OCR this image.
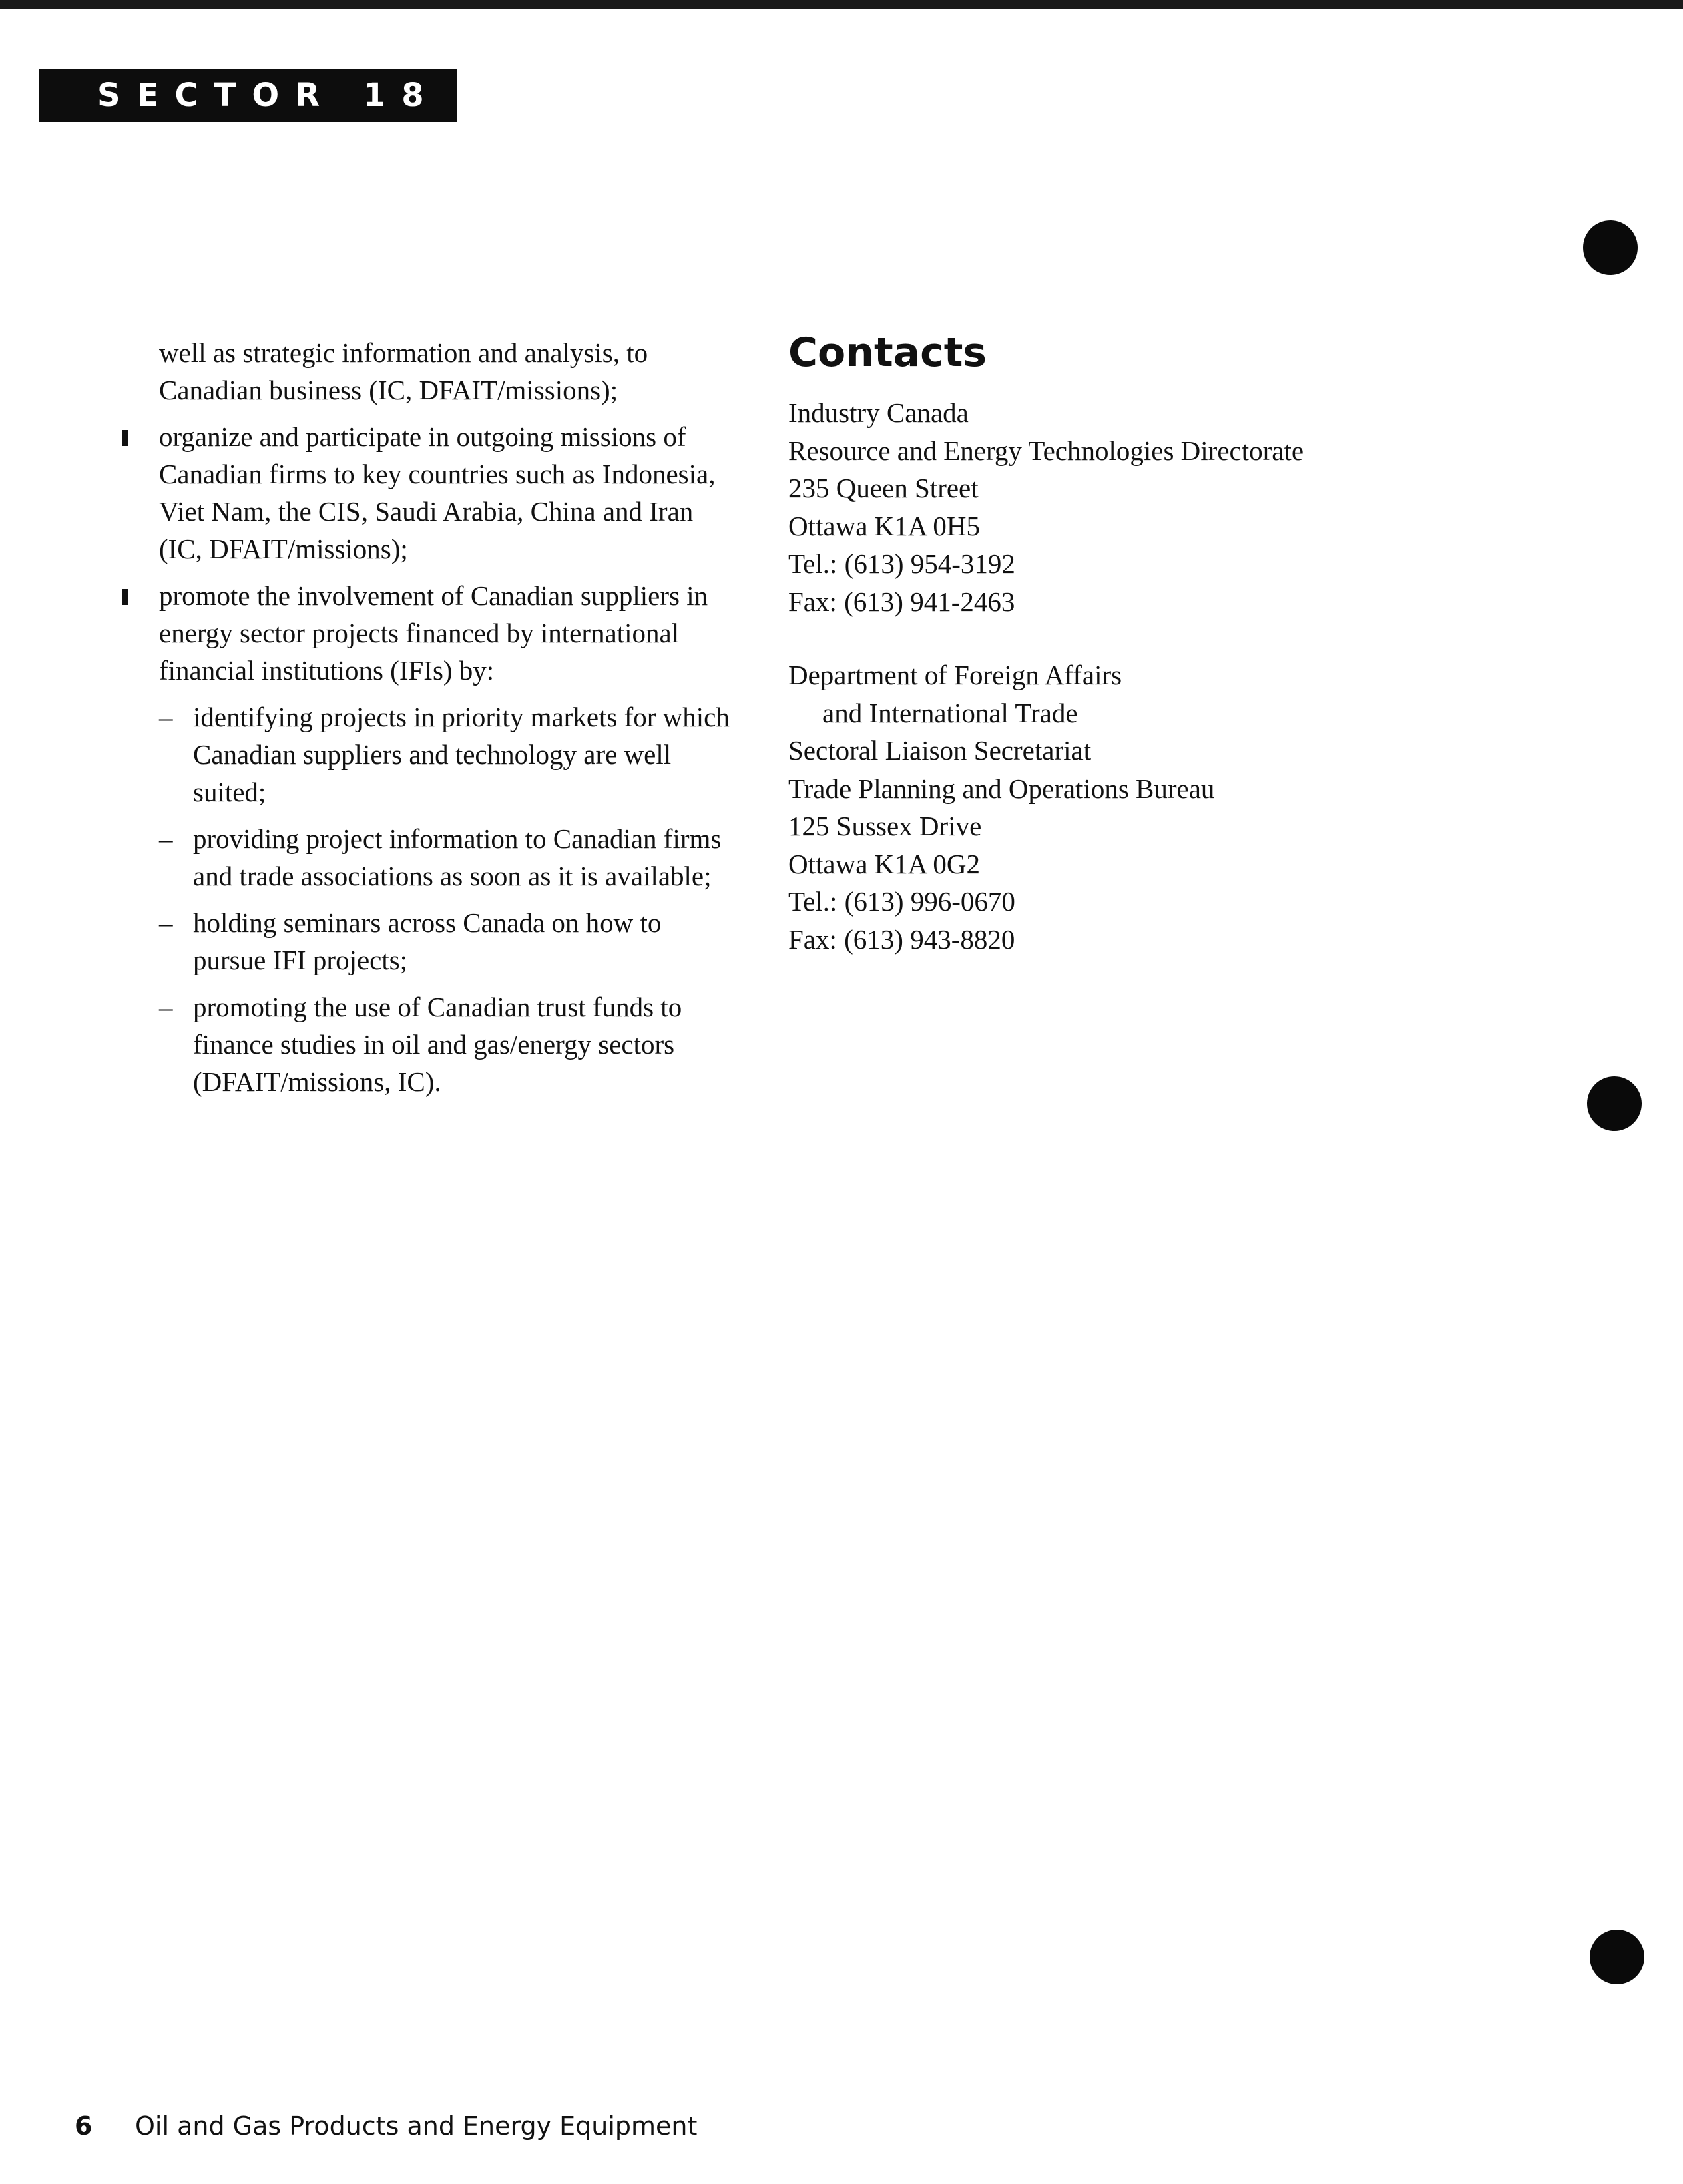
SECTOR 18

well as strategic information and analysis, to Canadian business (IC, DFAIT/missions);

organize and participate in outgoing missions of Canadian firms to key countries such as Indonesia, Viet Nam, the CIS, Saudi Arabia, China and Iran (IC, DFAIT/missions);

promote the involvement of Canadian suppliers in energy sector projects financed by international financial institutions (IFIs) by:

– identifying projects in priority markets for which Canadian suppliers and technology are well suited;
– providing project information to Canadian firms and trade associations as soon as it is available;
– holding seminars across Canada on how to pursue IFI projects;
– promoting the use of Canadian trust funds to finance studies in oil and gas/energy sectors (DFAIT/missions, IC).
Contacts
Industry Canada
Resource and Energy Technologies Directorate
235 Queen Street
Ottawa K1A 0H5
Tel.: (613) 954-3192
Fax: (613) 941-2463
Department of Foreign Affairs
and International Trade
Sectoral Liaison Secretariat
Trade Planning and Operations Bureau
125 Sussex Drive
Ottawa K1A 0G2
Tel.: (613) 996-0670
Fax: (613) 943-8820
6 Oil and Gas Products and Energy Equipment
